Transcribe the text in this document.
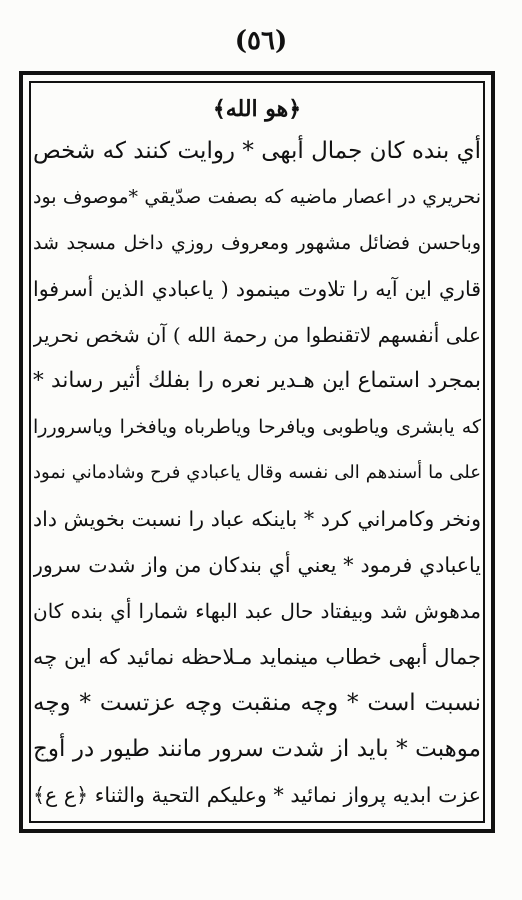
(٥٦)
﴿هو الله﴾
أي بنده كان جمال أبهى * روايت كنند كه شخص
نحريري در اعصار ماضيه كه بصفت صدّيقي *موصوف بود
وباحسن فضائل مشهور ومعروف روزي داخل مسجد شد
قاري اين آيه را تلاوت مينمود ( ياعبادي الذين أسرفوا
على أنفسهم لاتقنطوا من رحمة الله ) آن شخص نحرير
بمجرد استماع اين هـدير نعره را بفلك أثير رساند *
كه يابشرى وياطوبى ويافرحا وياطرباه ويافخرا وياسروررا
على ما أسندهم الى نفسه وقال ياعبادي فرح وشادماني نمود
ونخر وكامراني كرد * باينكه عباد را نسبت بخويش داد
ياعبادي فرمود * يعني أي بندكان من واز شدت سرور
مدهوش شد وبيفتاد حال عبد البهاء شمارا أي بنده كان
جمال أبهى خطاب مينمايد مـلاحظه نمائيد كه اين چه
نسبت است * وچه منقبت وچه عزتست * وچه
موهبت * بايد از شدت سرور مانند طيور در أوج
عزت ابديه پرواز نمائيد * وعليكم التحية والثناء ﴿ع ع﴾
